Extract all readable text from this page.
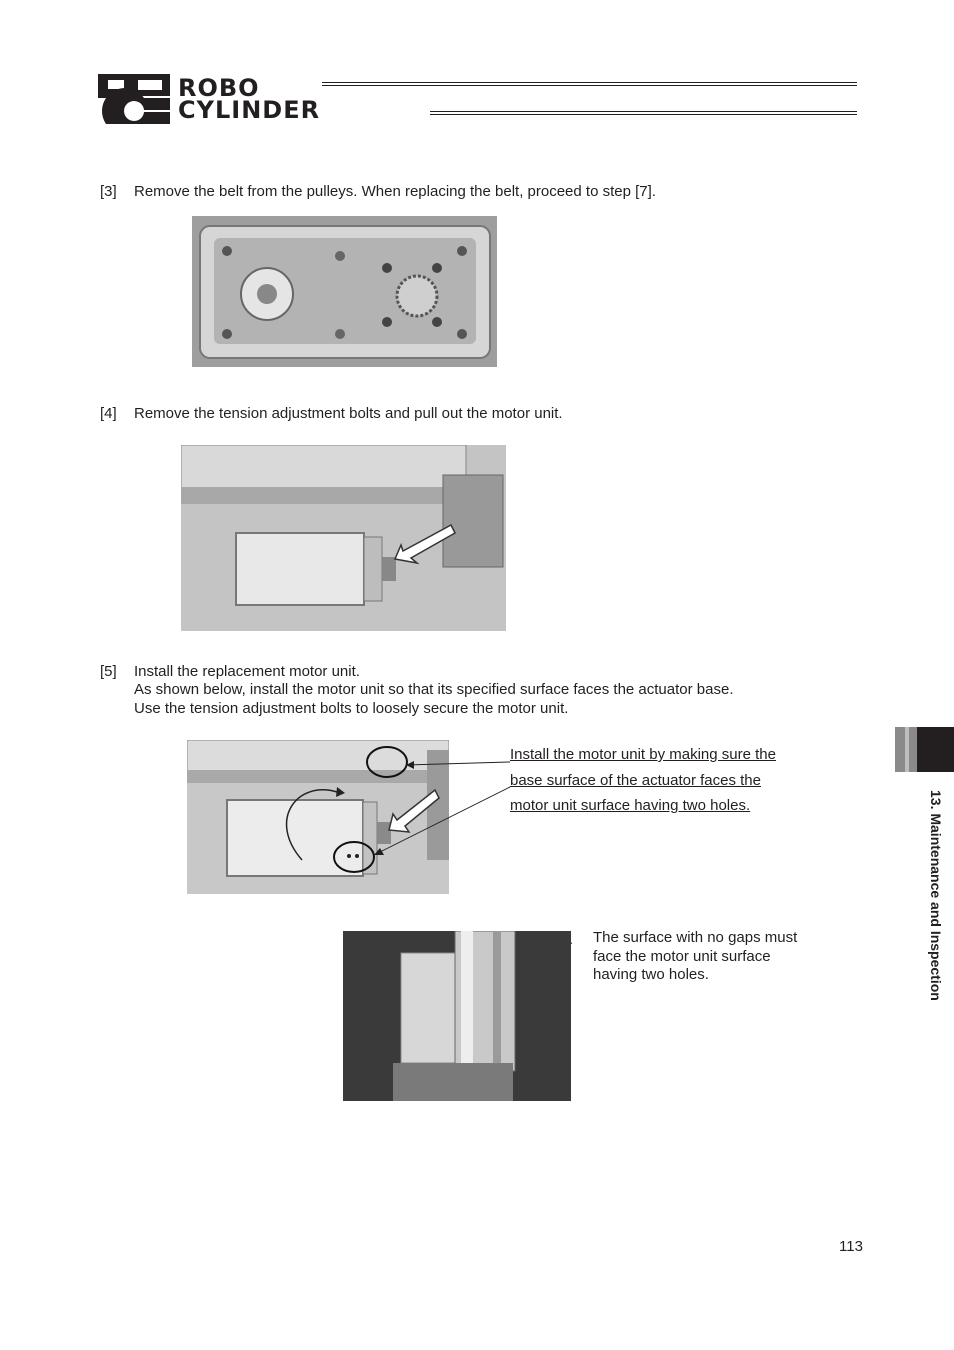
ROBO
CYLINDER
[3] Remove the belt from the pulleys. When replacing the belt, proceed to step [7].
[4] Remove the tension adjustment bolts and pull out the motor unit.
[5] Install the replacement motor unit.
As shown below, install the motor unit so that its specified surface faces the actuator base.
Use the tension adjustment bolts to loosely secure the motor unit.
Install the motor unit by making sure the
base surface of the actuator faces the
motor unit surface having two holes.
The surface with no gaps must
face the motor unit surface
having two holes.	13. Maintenance and Inspection
113
